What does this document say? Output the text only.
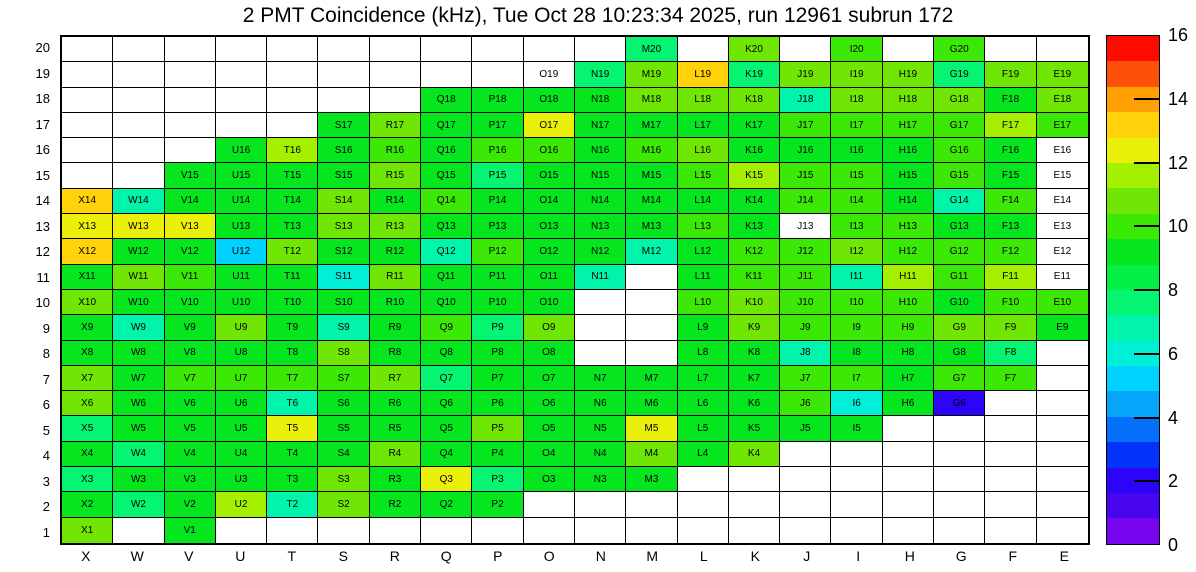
2 PMT Coincidence (kHz), Tue Oct 28 10:23:34 2025, run 12961 subrun 172
M20	K20	I20	G20
O19	N19	M19	L19	K19	J19	I19	H19	G19	F19	E19
Q18	P18	O18	N18	M18	L18	K18	J18	I18	H18	G18	F18	E18
S17	R17	Q17	P17	O17	N17	M17	L17	K17	J17	I17	H17	G17	F17	E17
U16	T16	S16	R16	Q16	P16	O16	N16	M16	L16	K16	J16	I16	H16	G16	F16	E16
V15	U15	T15	S15	R15	Q15	P15	O15	N15	M15	L15	K15	J15	I15	H15	G15	F15	E15
X14	W14	V14	U14	T14	S14	R14	Q14	P14	O14	N14	M14	L14	K14	J14	I14	H14	G14	F14	E14
X13	W13	V13	U13	T13	S13	R13	Q13	P13	O13	N13	M13	L13	K13	J13	I13	H13	G13	F13	E13
X12	W12	V12	U12	T12	S12	R12	Q12	P12	O12	N12	M12	L12	K12	J12	I12	H12	G12	F12	E12
X11	W11	V11	U11	T11	S11	R11	Q11	P11	O11	N11	L11	K11	J11	I11	H11	G11	F11	E11
X10	W10	V10	U10	T10	S10	R10	Q10	P10	O10	L10	K10	J10	I10	H10	G10	F10	E10
X9	W9	V9	U9	T9	S9	R9	Q9	P9	O9	L9	K9	J9	I9	H9	G9	F9	E9
X8	W8	V8	U8	T8	S8	R8	Q8	P8	O8	L8	K8	J8	I8	H8	G8	F8
X7	W7	V7	U7	T7	S7	R7	Q7	P7	O7	N7	M7	L7	K7	J7	I7	H7	G7	F7
X6	W6	V6	U6	T6	S6	R6	Q6	P6	O6	N6	M6	L6	K6	J6	I6	H6	G6
X5	W5	V5	U5	T5	S5	R5	Q5	P5	O5	N5	M5	L5	K5	J5	I5
X4	W4	V4	U4	T4	S4	R4	Q4	P4	O4	N4	M4	L4	K4
X3	W3	V3	U3	T3	S3	R3	Q3	P3	O3	N3	M3
X2	W2	V2	U2	T2	S2	R2	Q2	P2
X1	V1
20
19
18
17
16
15
14
13
12
11
10
9
8
7
6
5
4
3
2
1
X	W	V	U	T	S	R	Q	P	O	N	M	L	K	J	I	H	G	F	E
0
2
4
6
8
10
12
14
16
